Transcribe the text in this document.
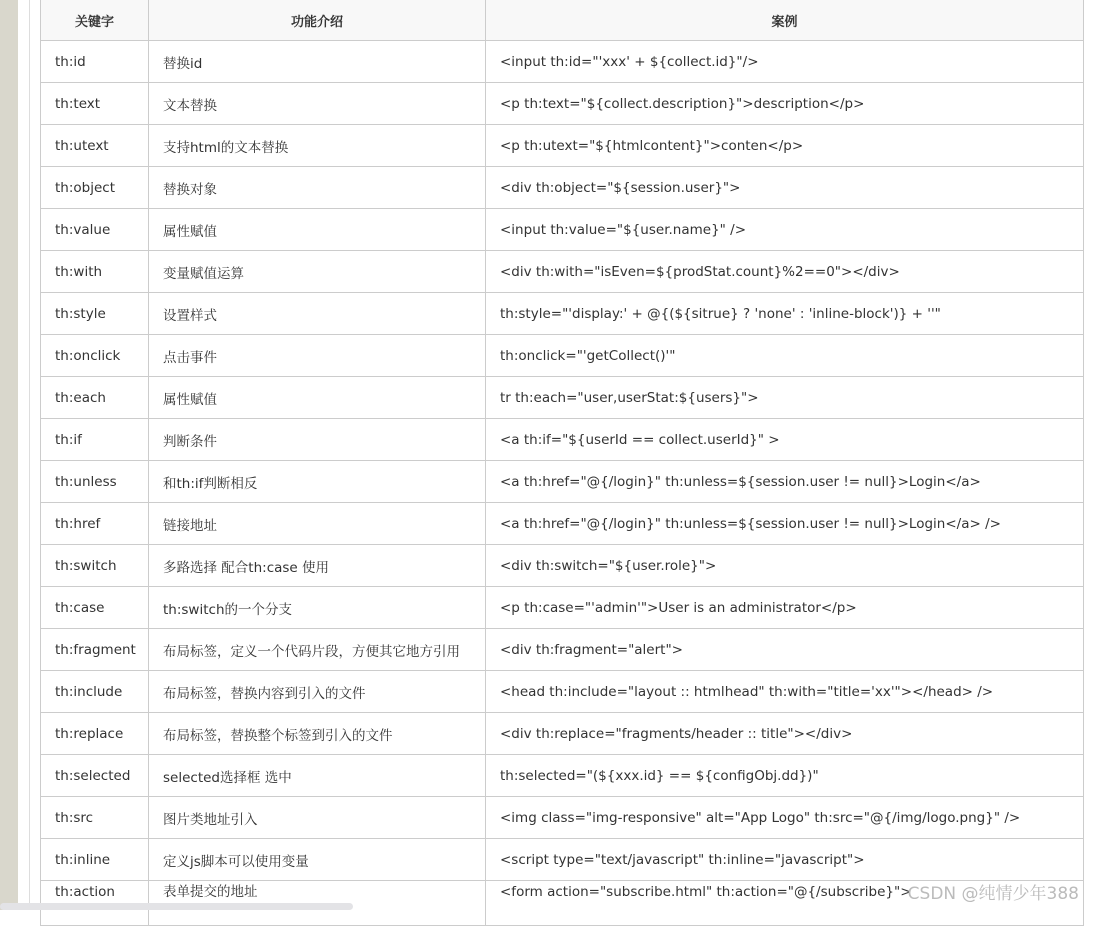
关键字	功能介绍	案例
th:id	替换id	<input th:id="'xxx' + ${collect.id}"/>
th:text	文本替换	<p th:text="${collect.description}">description</p>
th:utext	支持html的文本替换	<p th:utext="${htmlcontent}">conten</p>
th:object	替换对象	<div th:object="${session.user}">
th:value	属性赋值	<input th:value="${user.name}" />
th:with	变量赋值运算	<div th:with="isEven=${prodStat.count}%2==0"></div>
th:style	设置样式	th:style="'display:' + @{(${sitrue} ? 'none' : 'inline-block')} + ''"
th:onclick	点击事件	th:onclick="'getCollect()'"
th:each	属性赋值	tr th:each="user,userStat:${users}">
th:if	判断条件	<a th:if="${userId == collect.userId}" >
th:unless	和th:if判断相反	<a th:href="@{/login}" th:unless=${session.user != null}>Login</a>
th:href	链接地址	<a th:href="@{/login}" th:unless=${session.user != null}>Login</a> />
th:switch	多路选择 配合th:case 使用	<div th:switch="${user.role}">
th:case	th:switch的一个分支	<p th:case="'admin'">User is an administrator</p>
th:fragment	布局标签，定义一个代码片段，方便其它地方引用	<div th:fragment="alert">
th:include	布局标签，替换内容到引入的文件	<head th:include="layout :: htmlhead" th:with="title='xx'"></head> />
th:replace	布局标签，替换整个标签到引入的文件	<div th:replace="fragments/header :: title"></div>
th:selected	selected选择框 选中	th:selected="(${xxx.id} == ${configObj.dd})"
th:src	图片类地址引入	<img class="img-responsive" alt="App Logo" th:src="@{/img/logo.png}" />
th:inline	定义js脚本可以使用变量	<script type="text/javascript" th:inline="javascript">
th:action	表单提交的地址	<form action="subscribe.html" th:action="@{/subscribe}">
CSDN @纯情少年388
